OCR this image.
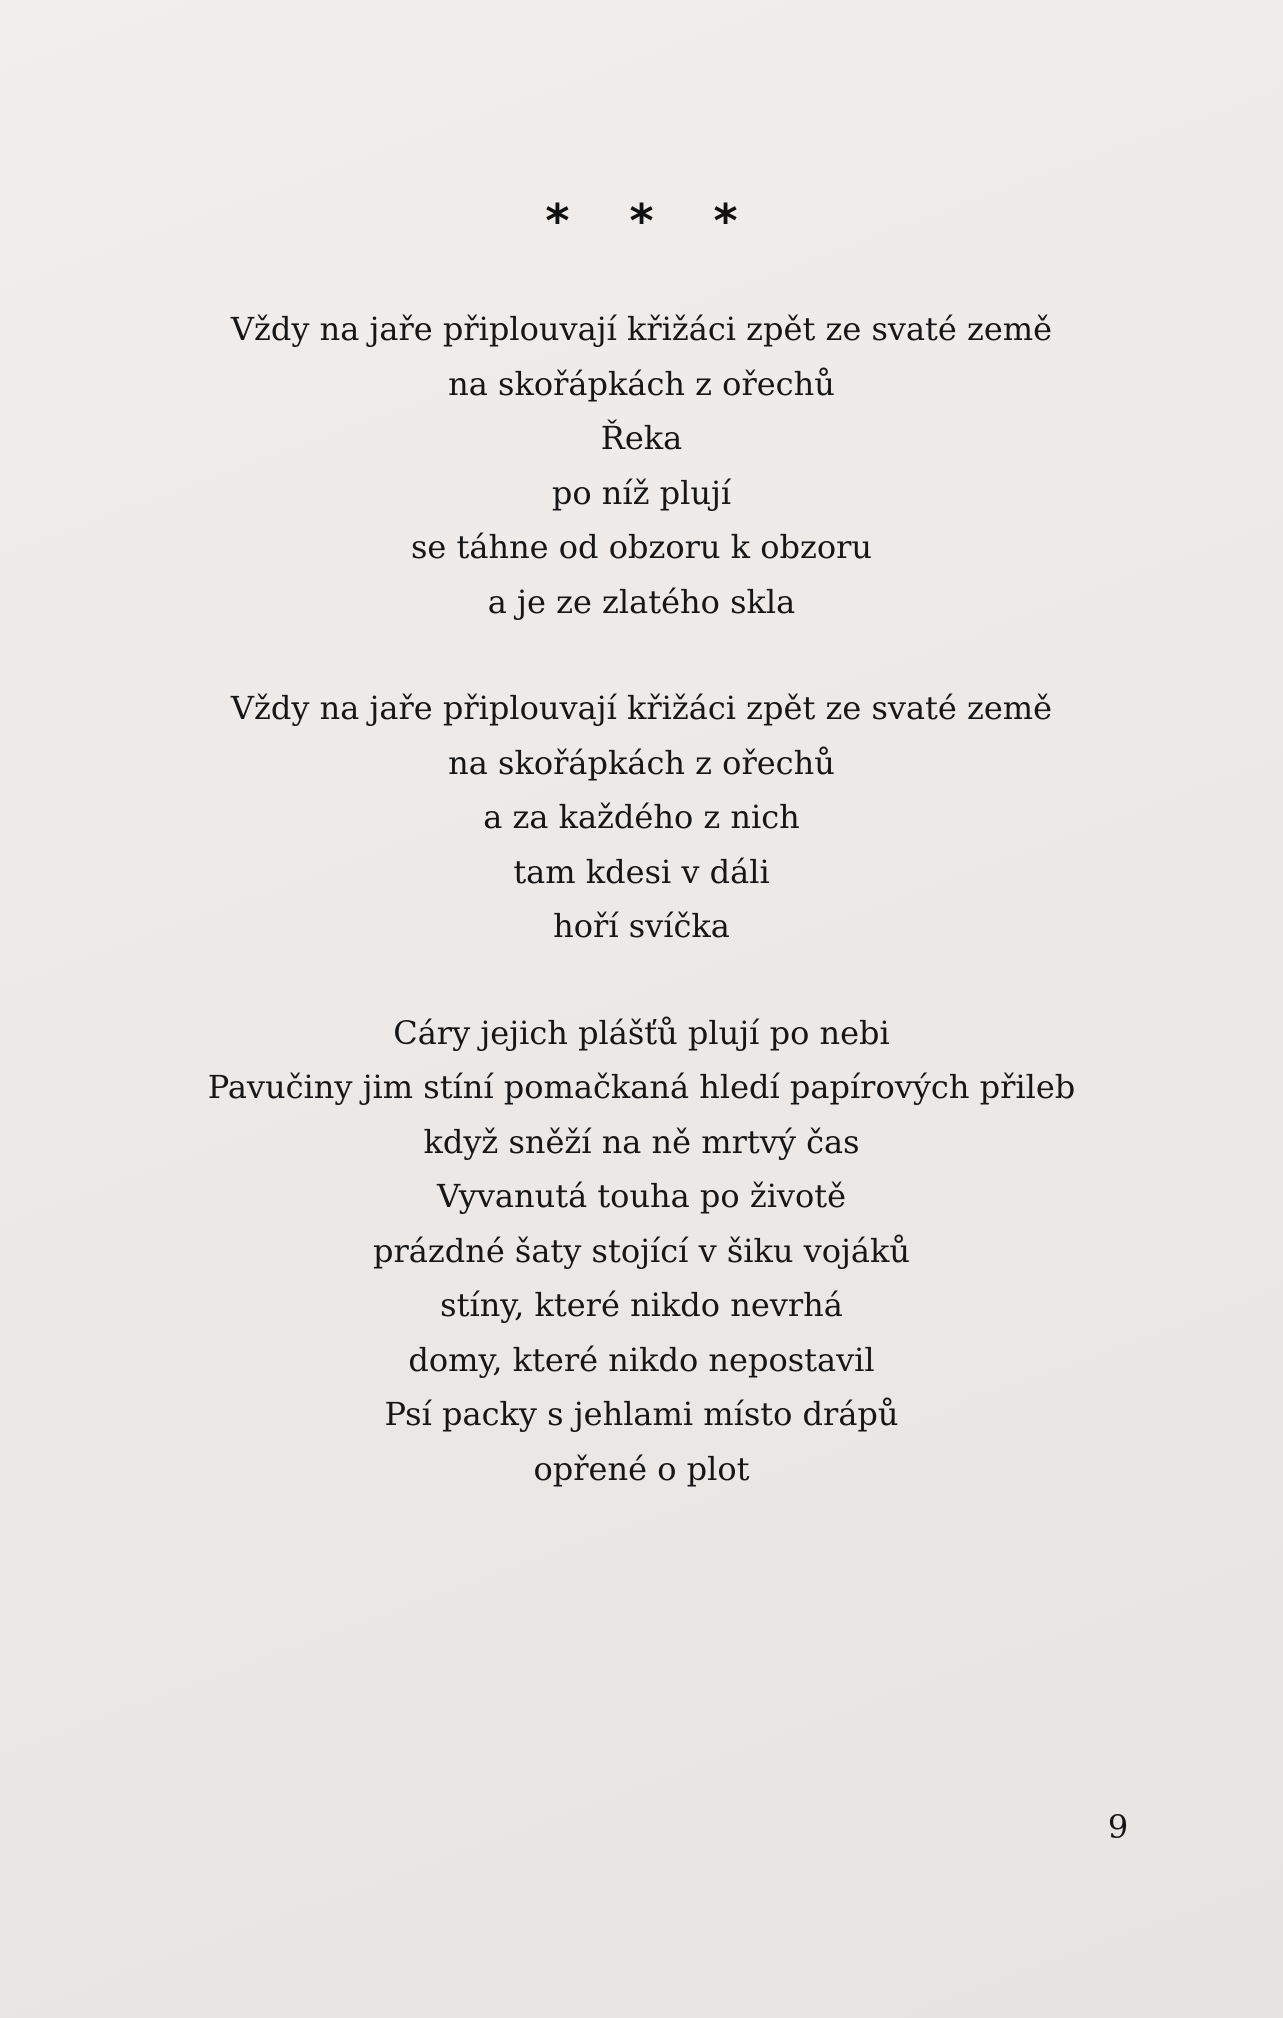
* * *
Vždy na jaře připlouvají křižáci zpět ze svaté země
na skořápkách z ořechů
Řeka
po níž plují
se táhne od obzoru k obzoru
a je ze zlatého skla
Vždy na jaře připlouvají křižáci zpět ze svaté země
na skořápkách z ořechů
a za každého z nich
tam kdesi v dáli
hoří svíčka
Cáry jejich plášťů plují po nebi
Pavučiny jim stíní pomačkaná hledí papírových přileb
když sněží na ně mrtvý čas
Vyvanutá touha po životě
prázdné šaty stojící v šiku vojáků
stíny, které nikdo nevrhá
domy, které nikdo nepostavil
Psí packy s jehlami místo drápů
opřené o plot
9
